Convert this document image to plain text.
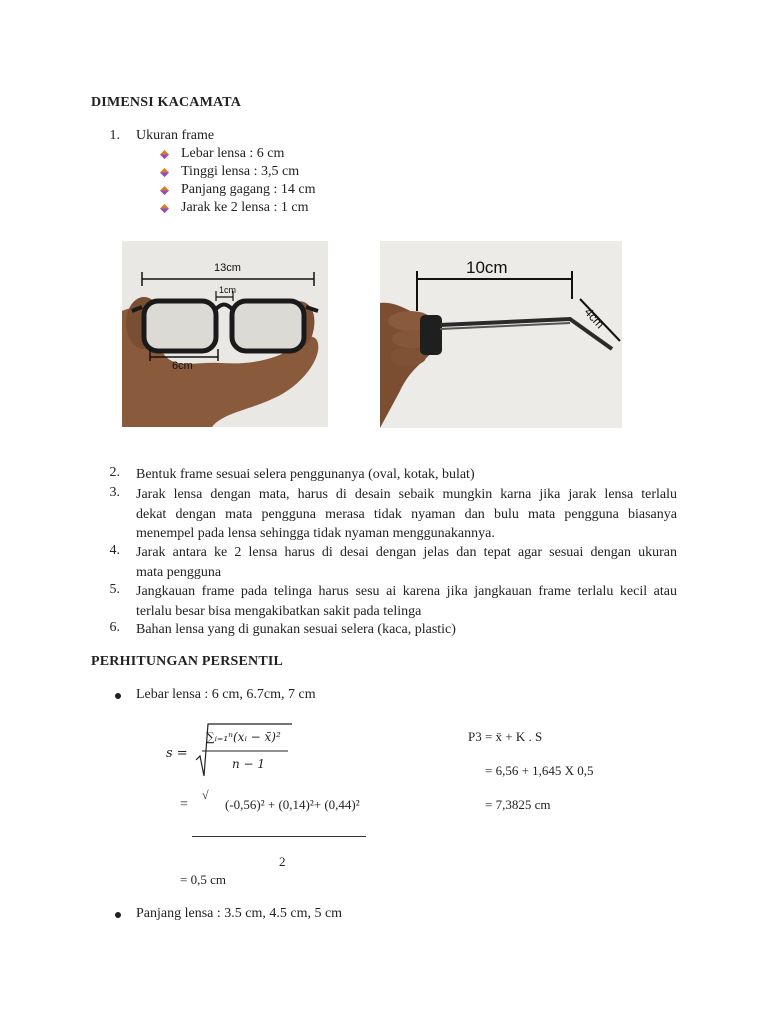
DIMENSI KACAMATA
1. Ukuran frame
Lebar lensa : 6 cm
Tinggi lensa : 3,5 cm
Panjang gagang : 14 cm
Jarak ke 2 lensa : 1 cm
13cm
1cm
6cm
10cm
4cm
2. Bentuk frame sesuai selera penggunanya (oval, kotak, bulat)
3. Jarak lensa dengan mata, harus di desain sebaik mungkin karna jika jarak lensa terlalu
dekat dengan mata pengguna merasa tidak nyaman dan bulu mata pengguna biasanya
menempel pada lensa sehingga tidak nyaman menggunakannya.
4. Jarak antara ke 2 lensa harus di desai dengan jelas dan tepat agar sesuai dengan ukuran
mata pengguna
5. Jangkauan frame pada telinga harus sesu ai karena jika jangkauan frame terlalu kecil atau
terlalu besar bisa mengakibatkan sakit pada telinga
6. Bahan lensa yang di gunakan sesuai selera (kaca, plastic)
PERHITUNGAN PERSENTIL
Lebar lensa : 6 cm, 6.7cm, 7 cm
s =
∑ᵢ₌₁ⁿ(xᵢ − x̄)²
n − 1
=
√
(-0,56)² + (0,14)²+ (0,44)²
2
= 0,5 cm
P3 = x̄ + K . S
= 6,56 + 1,645 X 0,5
= 7,3825 cm
Panjang lensa : 3.5 cm, 4.5 cm, 5 cm
